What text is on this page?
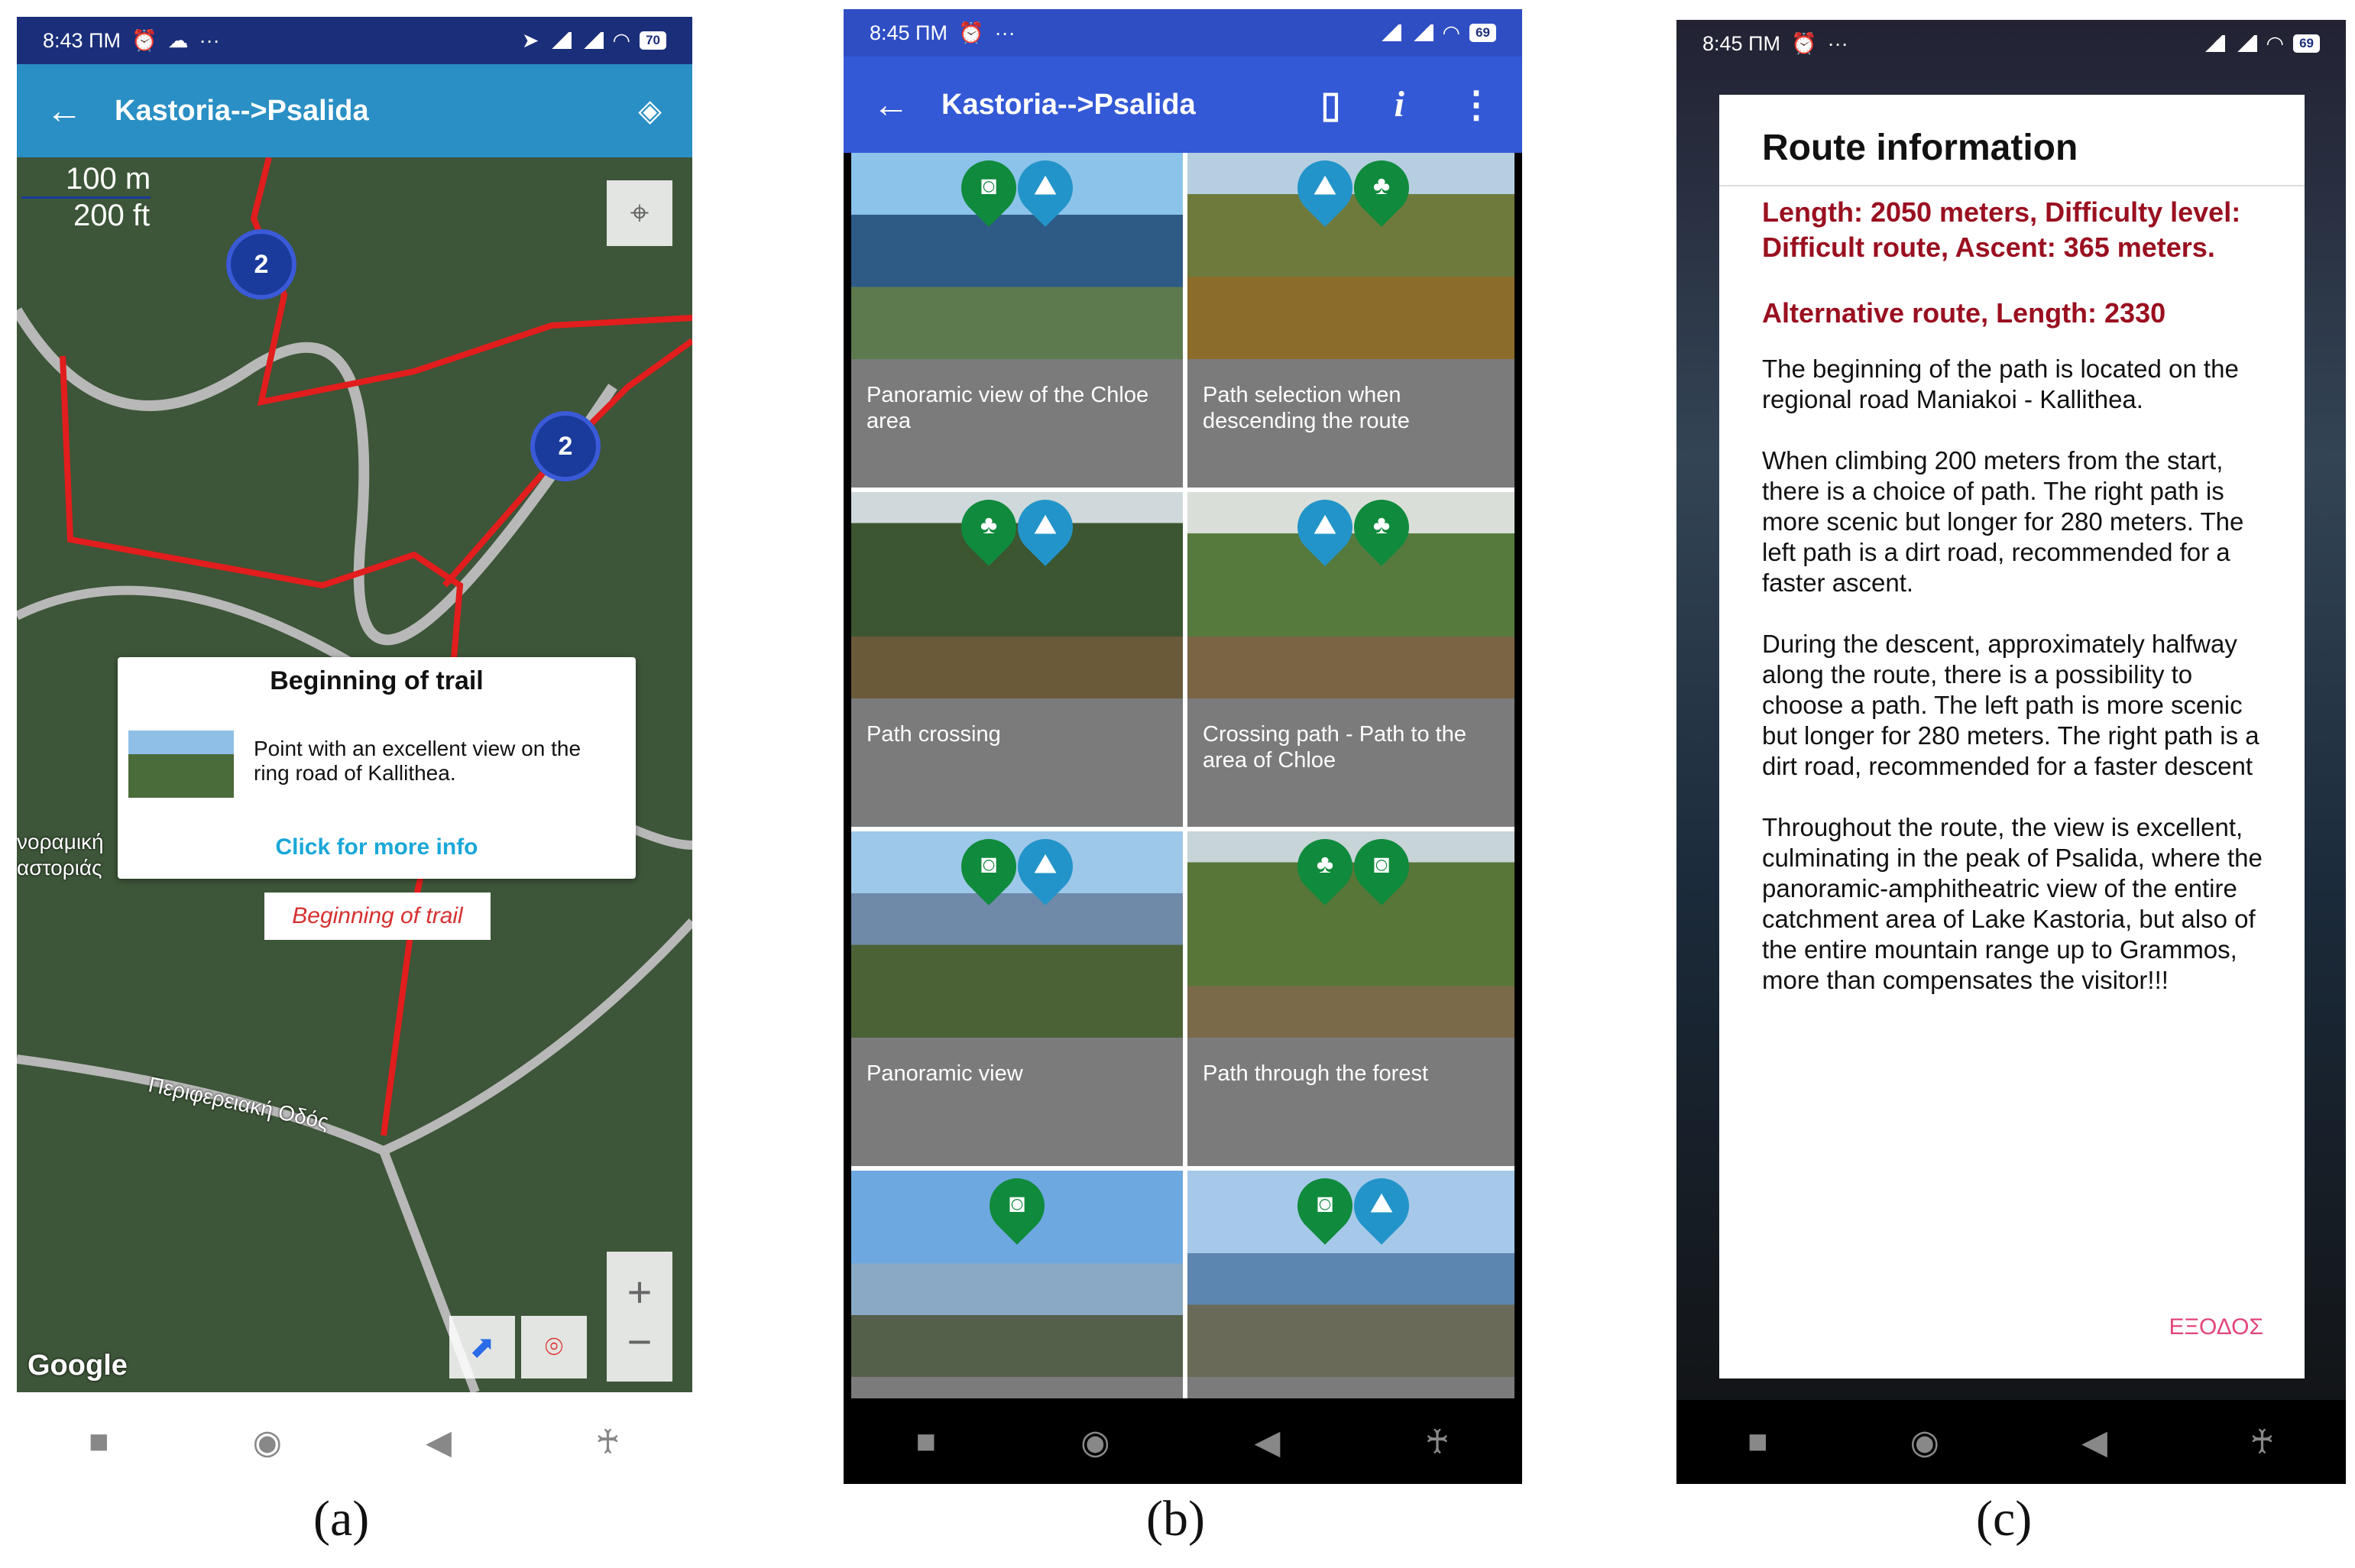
8:43 ΠΜ ⏰ ☁ ···	➤	◠	70
← Kastoria-->Psalida	◈
100 m
200 ft	⌖
2
2
νοραμική
αστοριάς
Περιφερειακή Οδός
Google
+
−
⬈	⌾
Beginning of trail
Point with an excellent view on the ring road of Kallithea.
Click for more info
Beginning of trail
■	◉	◀	♰
8:45 ΠΜ ⏰ ···	◠	69
← Kastoria-->Psalida	▯ i ⋮
◙	⛰
Panoramic view of the Chloe area
⛰	♣
Path selection when descending the route
♣	⛰
Path crossing
⛰	♣
Crossing path - Path to the area of Chloe
◙	⛰
Panoramic view
♣	◙
Path through the forest
◙	◙	⛰
■	◉	◀	♰
8:45 ΠΜ ⏰ ···	◠	69
Route information

Length: 2050 meters, Difficulty level: Difficult route, Ascent: 365 meters.

Alternative route, Length: 2330

The beginning of the path is located on the regional road Maniakoi - Kallithea.

When climbing 200 meters from the start, there is a choice of path. The right path is more scenic but longer for 280 meters. The left path is a dirt road, recommended for a faster ascent.

During the descent, approximately halfway along the route, there is a possibility to choose a path. The left path is more scenic but longer for 280 meters. The right path is a dirt road, recommended for a faster descent

Throughout the route, the view is excellent, culminating in the peak of Psalida, where the panoramic-amphitheatric view of the entire catchment area of Lake Kastoria, but also of the entire mountain range up to Grammos, more than compensates the visitor!!!

ΕΞΟΔΟΣ
■	◉	◀	♰
(a)	(b)	(c)
